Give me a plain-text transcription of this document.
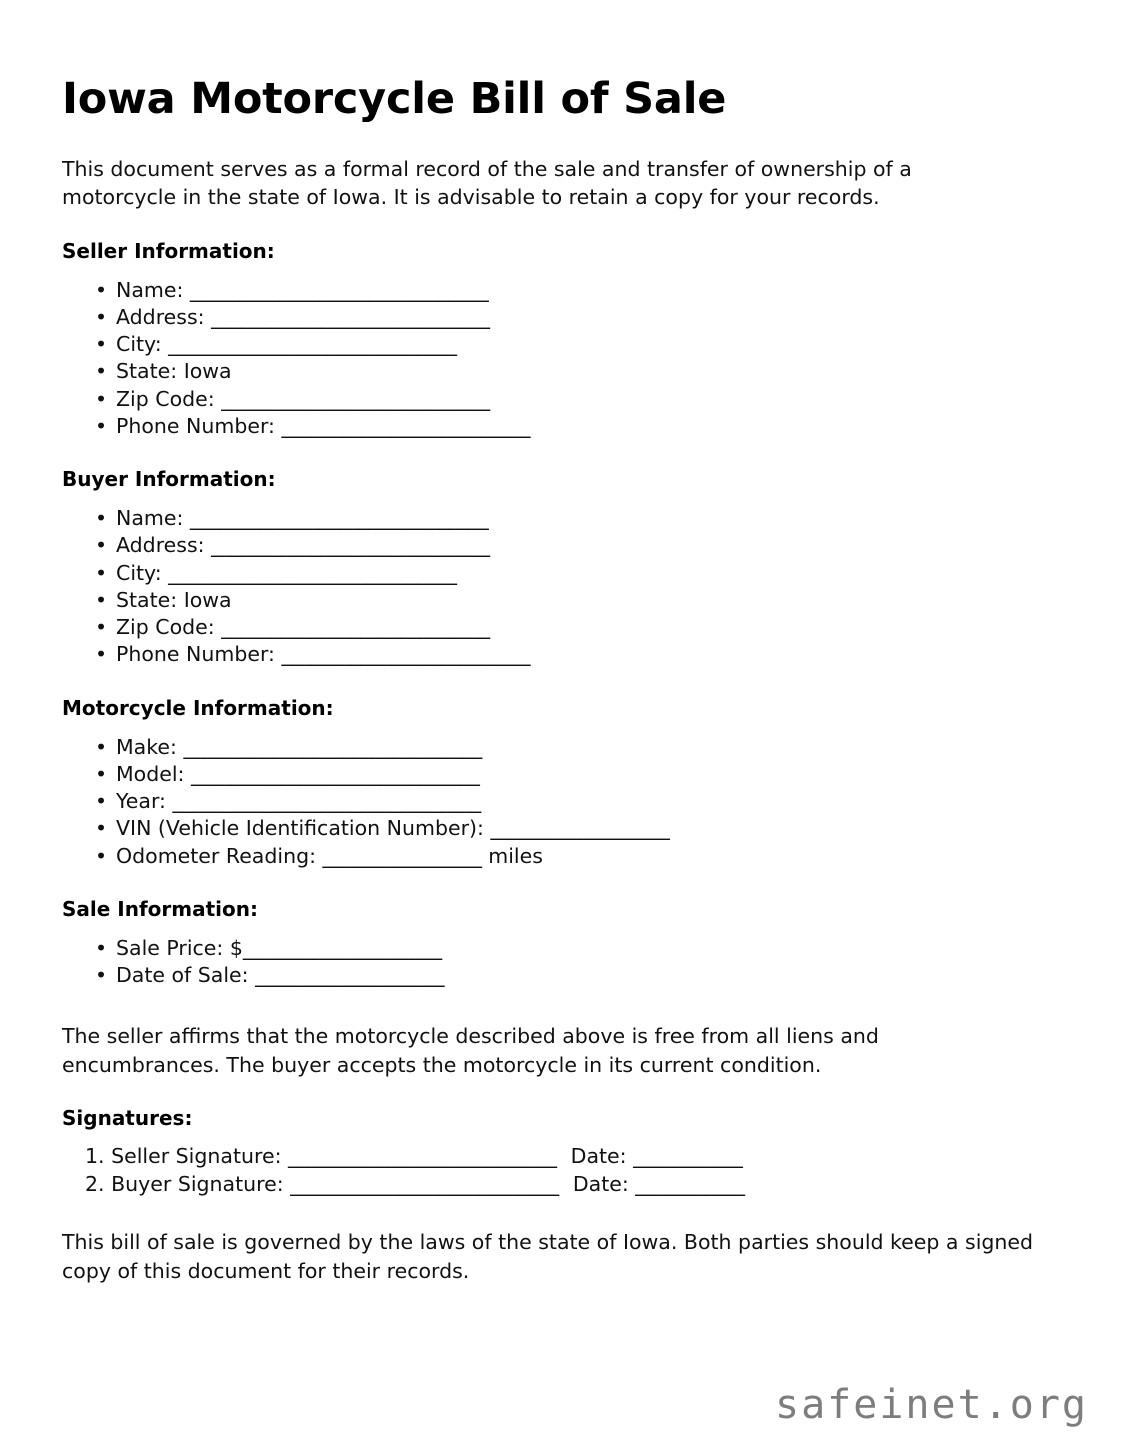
Iowa Motorcycle Bill of Sale

This document serves as a formal record of the sale and transfer of ownership of a motorcycle in the state of Iowa. It is advisable to retain a copy for your records.

Seller Information:
• Name: ______________________________
• Address: ____________________________
• City: _____________________________
• State: Iowa
• Zip Code: ___________________________
• Phone Number: _________________________
Buyer Information:
• Name: ______________________________
• Address: ____________________________
• City: _____________________________
• State: Iowa
• Zip Code: ___________________________
• Phone Number: _________________________
Motorcycle Information:
• Make: ______________________________
• Model: _____________________________
• Year: _______________________________
• VIN (Vehicle Identification Number): __________________
• Odometer Reading: ________________ miles
Sale Information:
• Sale Price: $____________________
• Date of Sale: ___________________

The seller affirms that the motorcycle described above is free from all liens and encumbrances. The buyer accepts the motorcycle in its current condition.

Signatures:
Seller Signature: ___________________________ Date: ___________
Buyer Signature: ___________________________ Date: ___________

This bill of sale is governed by the laws of the state of Iowa. Both parties should keep a signed copy of this document for their records.

safeinet.org
